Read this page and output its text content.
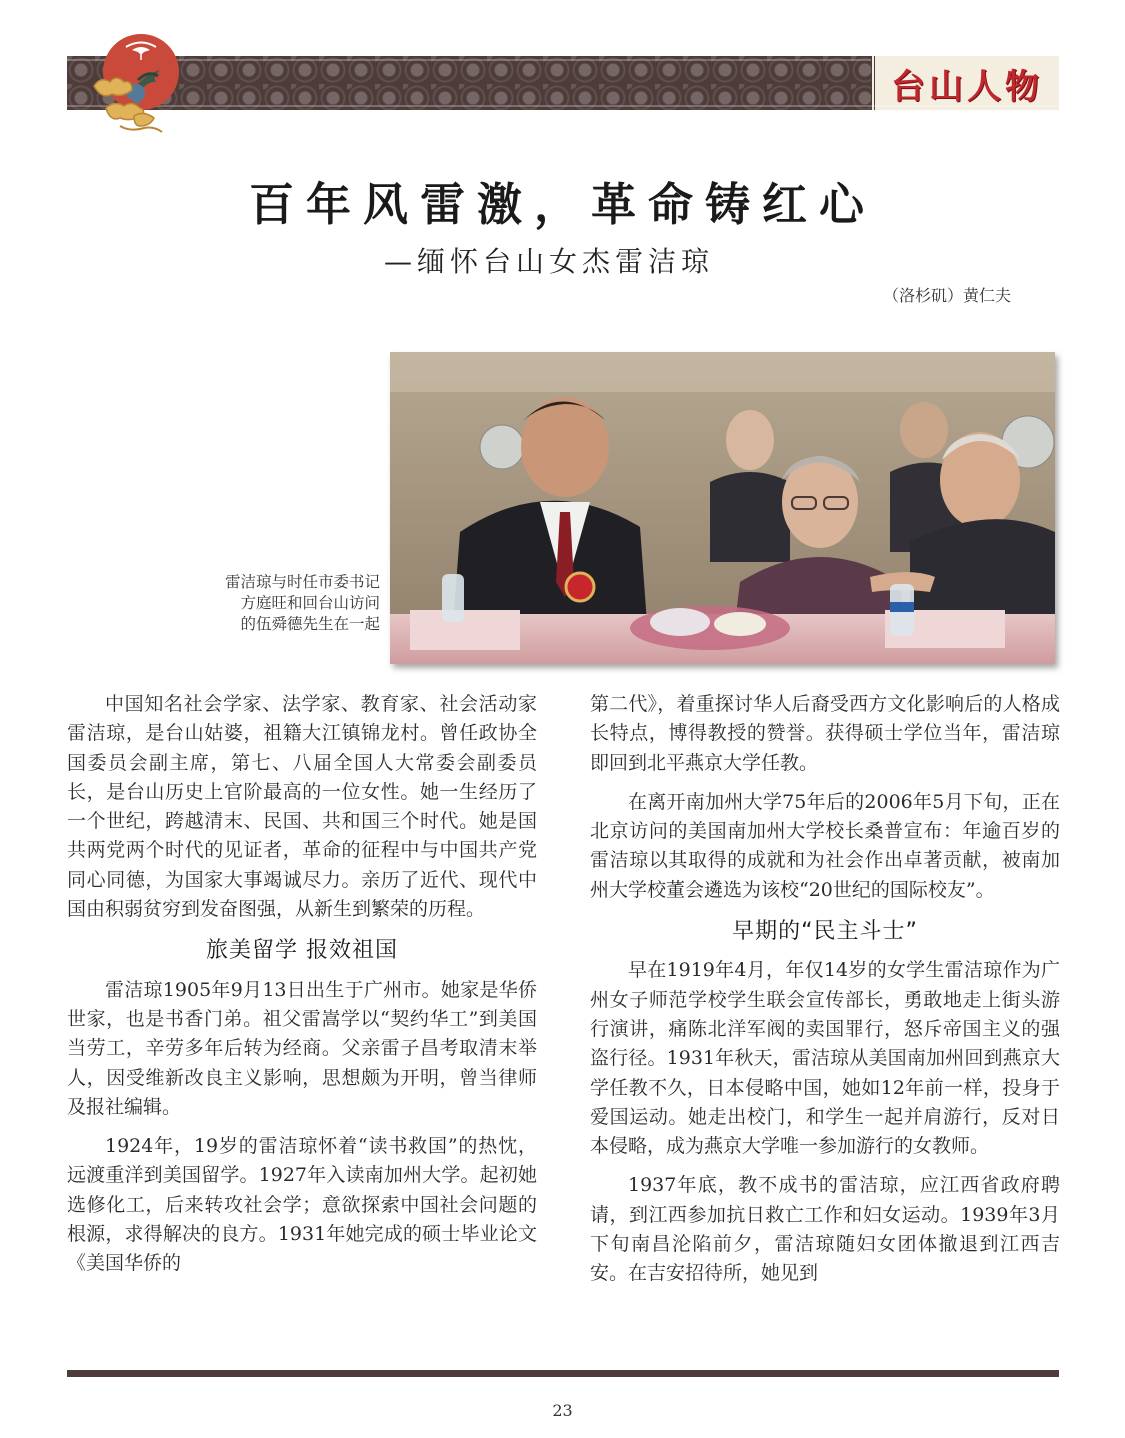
台山人物
百年风雷激，革命铸红心
—缅怀台山女杰雷洁琼
（洛杉矶）黄仁夫
雷洁琼与时任市委书记
方庭旺和回台山访问
的伍舜德先生在一起

中国知名社会学家、法学家、教育家、社会活动家雷洁琼，是台山姑婆，祖籍大江镇锦龙村。曾任政协全国委员会副主席，第七、八届全国人大常委会副委员长，是台山历史上官阶最高的一位女性。她一生经历了一个世纪，跨越清末、民国、共和国三个时代。她是国共两党两个时代的见证者，革命的征程中与中国共产党同心同德，为国家大事竭诚尽力。亲历了近代、现代中国由积弱贫穷到发奋图强，从新生到繁荣的历程。

旅美留学 报效祖国

雷洁琼1905年9月13日出生于广州市。她家是华侨世家，也是书香门弟。祖父雷嵩学以“契约华工”到美国当劳工，辛劳多年后转为经商。父亲雷子昌考取清末举人，因受维新改良主义影响，思想颇为开明，曾当律师及报社编辑。

1924年，19岁的雷洁琼怀着“读书救国”的热忱，远渡重洋到美国留学。1927年入读南加州大学。起初她选修化工，后来转攻社会学；意欲探索中国社会问题的根源，求得解决的良方。1931年她完成的硕士毕业论文《美国华侨的

第二代》，着重探讨华人后裔受西方文化影响后的人格成长特点，博得教授的赞誉。获得硕士学位当年，雷洁琼即回到北平燕京大学任教。

在离开南加州大学75年后的2006年5月下旬，正在北京访问的美国南加州大学校长桑普宣布：年逾百岁的雷洁琼以其取得的成就和为社会作出卓著贡献，被南加州大学校董会遴选为该校“20世纪的国际校友”。

早期的“民主斗士”

早在1919年4月，年仅14岁的女学生雷洁琼作为广州女子师范学校学生联会宣传部长，勇敢地走上街头游行演讲，痛陈北洋军阀的卖国罪行，怒斥帝国主义的强盗行径。1931年秋天，雷洁琼从美国南加州回到燕京大学任教不久，日本侵略中国，她如12年前一样，投身于爱国运动。她走出校门，和学生一起并肩游行，反对日本侵略，成为燕京大学唯一参加游行的女教师。

1937年底，教不成书的雷洁琼，应江西省政府聘请，到江西参加抗日救亡工作和妇女运动。1939年3月下旬南昌沦陷前夕，雷洁琼随妇女团体撤退到江西吉安。在吉安招待所，她见到

23
